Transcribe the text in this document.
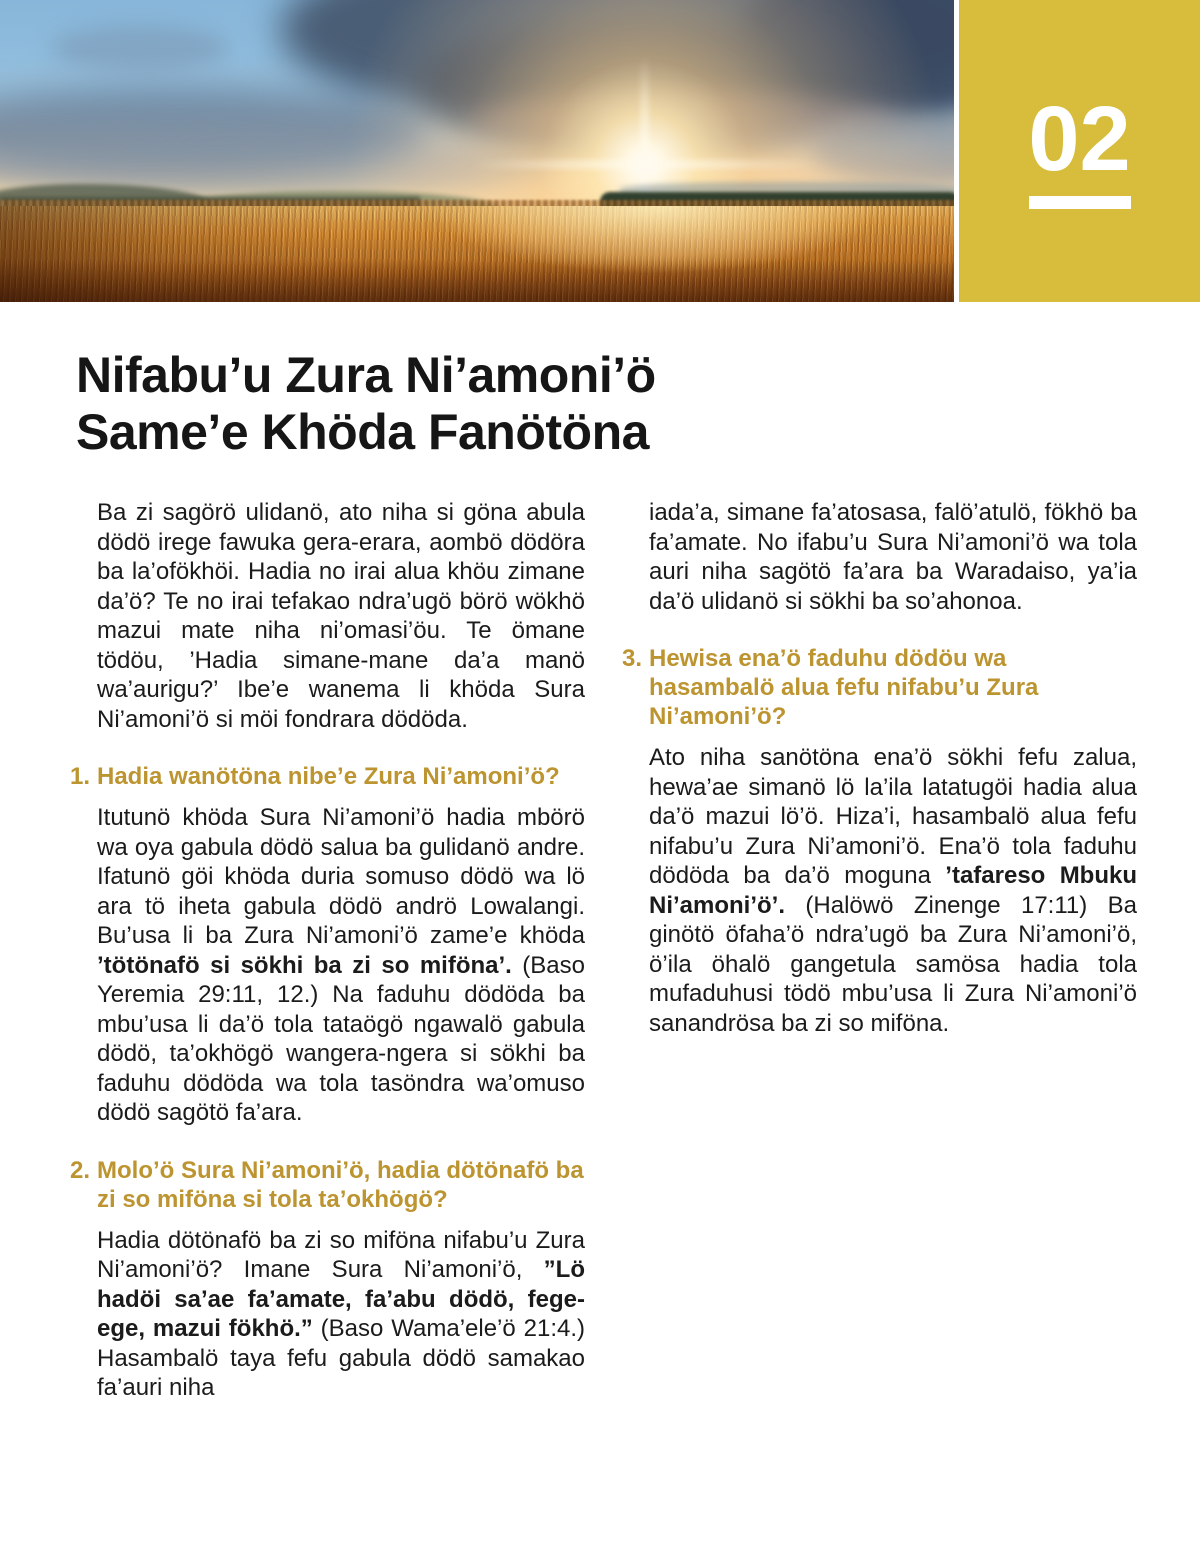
02
Nifabu’u Zura Ni’amoni’ö
Same’e Khöda Fanötöna

Ba zi sagörö ulidanö, ato niha si göna abula dödö irege fawuka gera-erara, aombö dödöra ba la’ofökhöi. Hadia no irai alua khöu zimane da’ö? Te no irai tefakao ndra’ugö börö wökhö mazui mate niha ni’omasi’öu. Te ömane tödöu, ’Hadia simane-mane da’a manö wa’aurigu?’ Ibe’e wanema li khöda Sura Ni’amoni’ö si möi fondrara dödöda.

1. Hadia wanötöna nibe’e Zura Ni’amoni’ö?

Itutunö khöda Sura Ni’amoni’ö hadia mbörö wa oya gabula dödö salua ba gulidanö andre. Ifatunö göi khöda duria somuso dödö wa lö ara tö iheta gabula dödö andrö Lowalangi. Bu’usa li ba Zura Ni’amoni’ö zame’e khöda ’tötönafö si sökhi ba zi so miföna’. (Baso Yeremia 29:11, 12.) Na faduhu dödöda ba mbu’usa li da’ö tola tataögö ngawalö gabula dödö, ta’okhögö wangera-ngera si sökhi ba faduhu dödöda wa tola tasöndra wa’omuso dödö sagötö fa’ara.

2. Molo’ö Sura Ni’amoni’ö, hadia dötönafö ba zi so miföna si tola ta’okhögö?

Hadia dötönafö ba zi so miföna nifabu’u Zura Ni’amoni’ö? Imane Sura Ni’amoni’ö, ”Lö hadöi sa’ae fa’amate, fa’abu dödö, fege-ege, mazui fökhö.” (Baso Wama’ele’ö 21:4.) Hasambalö taya fefu gabula dödö samakao fa’auri niha

iada’a, simane fa’atosasa, falö’atulö, fökhö ba fa’amate. No ifabu’u Sura Ni’amoni’ö wa tola auri niha sagötö fa’ara ba Waradaiso, ya’ia da’ö ulidanö si sökhi ba so’ahonoa.

3. Hewisa ena’ö faduhu dödöu wa hasambalö alua fefu nifabu’u Zura Ni’amoni’ö?

Ato niha sanötöna ena’ö sökhi fefu zalua, hewa’ae simanö lö la’ila latatugöi hadia alua da’ö mazui lö’ö. Hiza’i, hasambalö alua fefu nifabu’u Zura Ni’amoni’ö. Ena’ö tola faduhu dödöda ba da’ö moguna ’tafareso Mbuku Ni’amoni’ö’. (Halöwö Zinenge 17:11) Ba ginötö öfaha’ö ndra’ugö ba Zura Ni’amoni’ö, ö’ila öhalö gangetula samösa hadia tola mufaduhusi tödö mbu’usa li Zura Ni’amoni’ö sanandrösa ba zi so miföna.
